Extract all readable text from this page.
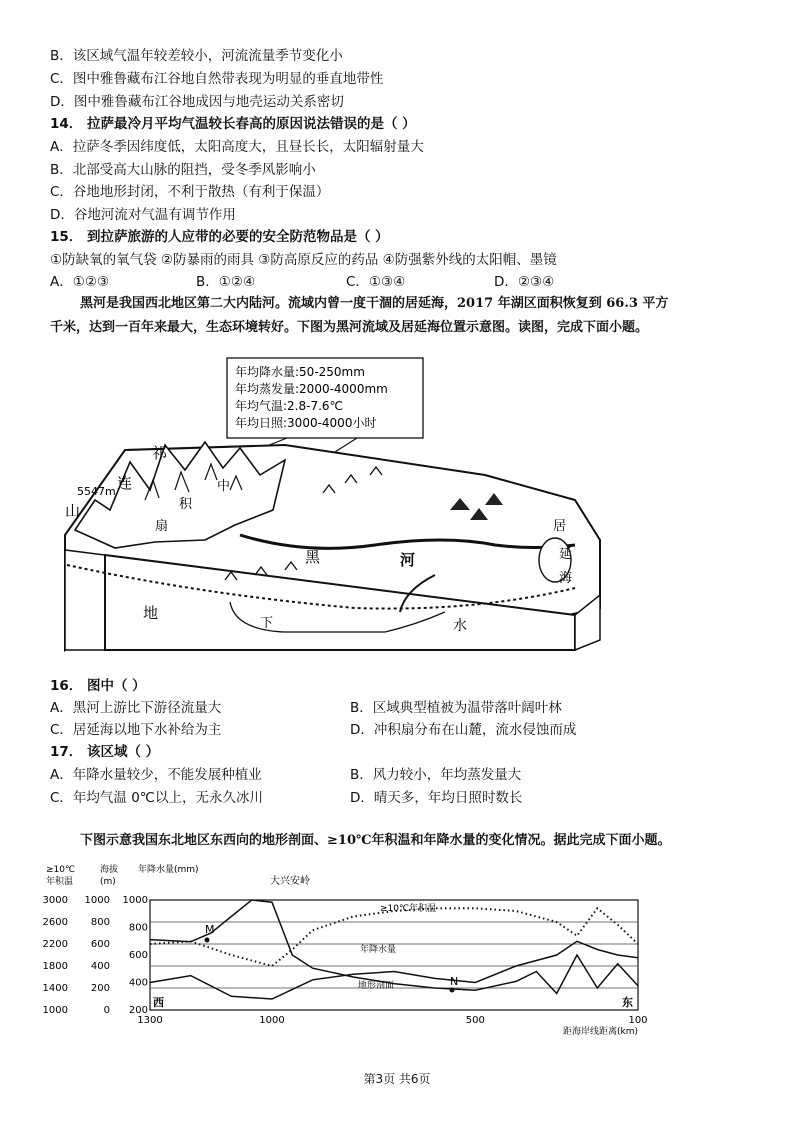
B．该区域气温年较差较小，河流流量季节变化小
C．图中雅鲁藏布江谷地自然带表现为明显的垂直地带性
D．图中雅鲁藏布江谷地成因与地壳运动关系密切
14． 拉萨最冷月平均气温较长春高的原因说法错误的是（ ）
A．拉萨冬季因纬度低，太阳高度大，且昼长长，太阳辐射量大
B．北部受高大山脉的阻挡，受冬季风影响小
C．谷地地形封闭，不利于散热（有利于保温）
D．谷地河流对气温有调节作用
15． 到拉萨旅游的人应带的必要的安全防范物品是（ ）
①防缺氧的氧气袋 ②防暴雨的雨具 ③防高原反应的药品 ④防强紫外线的太阳帽、墨镜
A．①②③	B．①②④	C．①③④	D．②③④
黑河是我国西北地区第二大内陆河。流域内曾一度干涸的居延海，2017 年湖区面积恢复到 66.3 平方
千米，达到一百年来最大，生态环境转好。下图为黑河流域及居延海位置示意图。读图，完成下面小题。
年均降水量:50-250mm
年均蒸发量:2000-4000mm
年均气温:2.8-7.6℃
年均日照:3000-4000小时
5547m
祁
连
山
中
积
扇
黑	河
居
延
海
地
下	水
16． 图中（ ）
A．黑河上游比下游径流量大	B．区域典型植被为温带落叶阔叶林
C．居延海以地下水补给为主	D．冲积扇分布在山麓，流水侵蚀而成
17． 该区域（ ）
A．年降水量较少，不能发展种植业	B．风力较小，年均蒸发量大
C．年均气温 0℃以上，无永久冰川	D．晴天多，年均日照时数长
下图示意我国东北地区东西向的地形剖面、≥10℃年积温和年降水量的变化情况。据此完成下面小题。
≥10℃
年积温
1000
1400
1800
2200
2600
3000
海拔
(m)
0
200
400
600
800
1000
年降水量(mm)
200
400
600
800
1000
1300	1000	500	100
距海岸线距离(km)
大兴安岭
M
N
西	东
≥10℃年积温
年降水量
地形剖面
第3页 共6页
